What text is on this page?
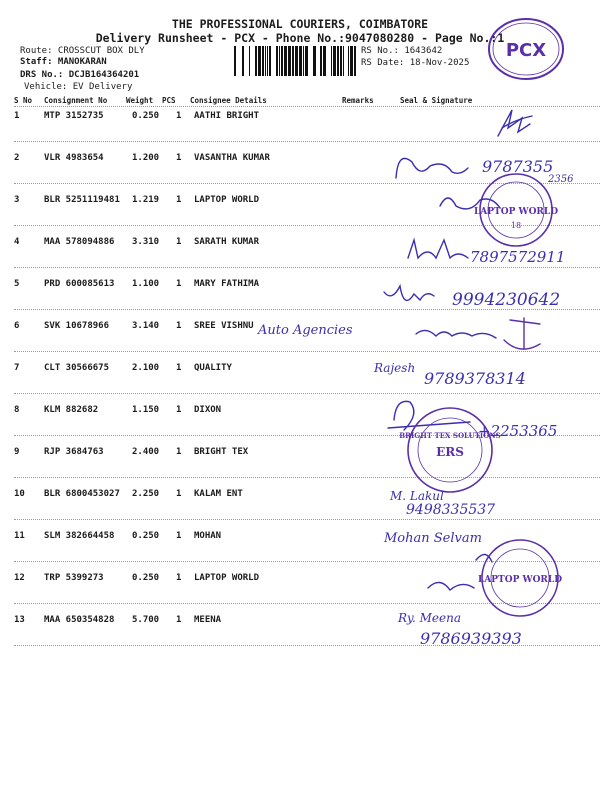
THE PROFESSIONAL COURIERS, COIMBATORE
Delivery Runsheet - PCX - Phone No.:9047080280 - Page No.:1
Route: CROSSCUT BOX DLY
Staff: MANOKARAN
DRS No.: DCJB164364201
Vehicle: EV Delivery
RS No.: 1643642
RS Date: 18-Nov-2025
PCX
S No Consignment No	Weight PCS Consignee Details	Remarks	Seal & Signature
1	MTP 3152735	0.250 1 AATHI BRIGHT
2	VLR 4983654	1.200 1 VASANTHA KUMAR
3	BLR 5251119481 1.219 1 LAPTOP WORLD
4	MAA 578094886 3.310 1 SARATH KUMAR
5	PRD 600085613 1.100 1 MARY FATHIMA
6	SVK 10678966	3.140 1 SREE VISHNU
7	CLT 30566675	2.100 1 QUALITY
8	KLM 882682	1.150 1 DIXON
9	RJP 3684763	2.400 1 BRIGHT TEX
10 BLR 6800453027 2.250 1 KALAM ENT
11 SLM 382664458 0.250 1 MOHAN
12 TRP 5399273	0.250 1 LAPTOP WORLD
13 MAA 650354828 5.700 1 MEENA
9787355
2356
LAPTOP WORLD
18
7897572911
9994230642
Auto Agencies
Rajesh
9789378314
+2253365
BRIGHT TEX SOLUTIONS
ERS
M. Lakul
9498335537
Mohan Selvam
LAPTOP WORLD
Ry. Meena
9786939393
